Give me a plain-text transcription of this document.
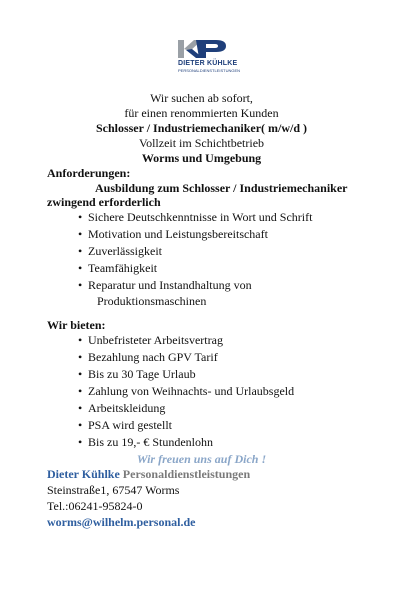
DIETER KÜHLKE
PERSONALDIENSTLEISTUNGEN
Wir suchen ab sofort,
für einen renommierten Kunden
Schlosser / Industriemechaniker( m/w/d )
Vollzeit im Schichtbetrieb
Worms und Umgebung
Anforderungen:
Ausbildung zum Schlosser / Industriemechaniker
zwingend erforderlich
• Sichere Deutschkenntnisse in Wort und Schrift
• Motivation und Leistungsbereitschaft
• Zuverlässigkeit
• Teamfähigkeit
• Reparatur und Instandhaltung von
Produktionsmaschinen
Wir bieten:
• Unbefristeter Arbeitsvertrag
• Bezahlung nach GPV Tarif
• Bis zu 30 Tage Urlaub
• Zahlung von Weihnachts- und Urlaubsgeld
• Arbeitskleidung
• PSA wird gestellt
• Bis zu 19,- € Stundenlohn
Wir freuen uns auf Dich !
Dieter Kühlke Personaldienstleistungen
Steinstraße1, 67547 Worms
Tel.:06241-95824-0
worms@wilhelm.personal.de
